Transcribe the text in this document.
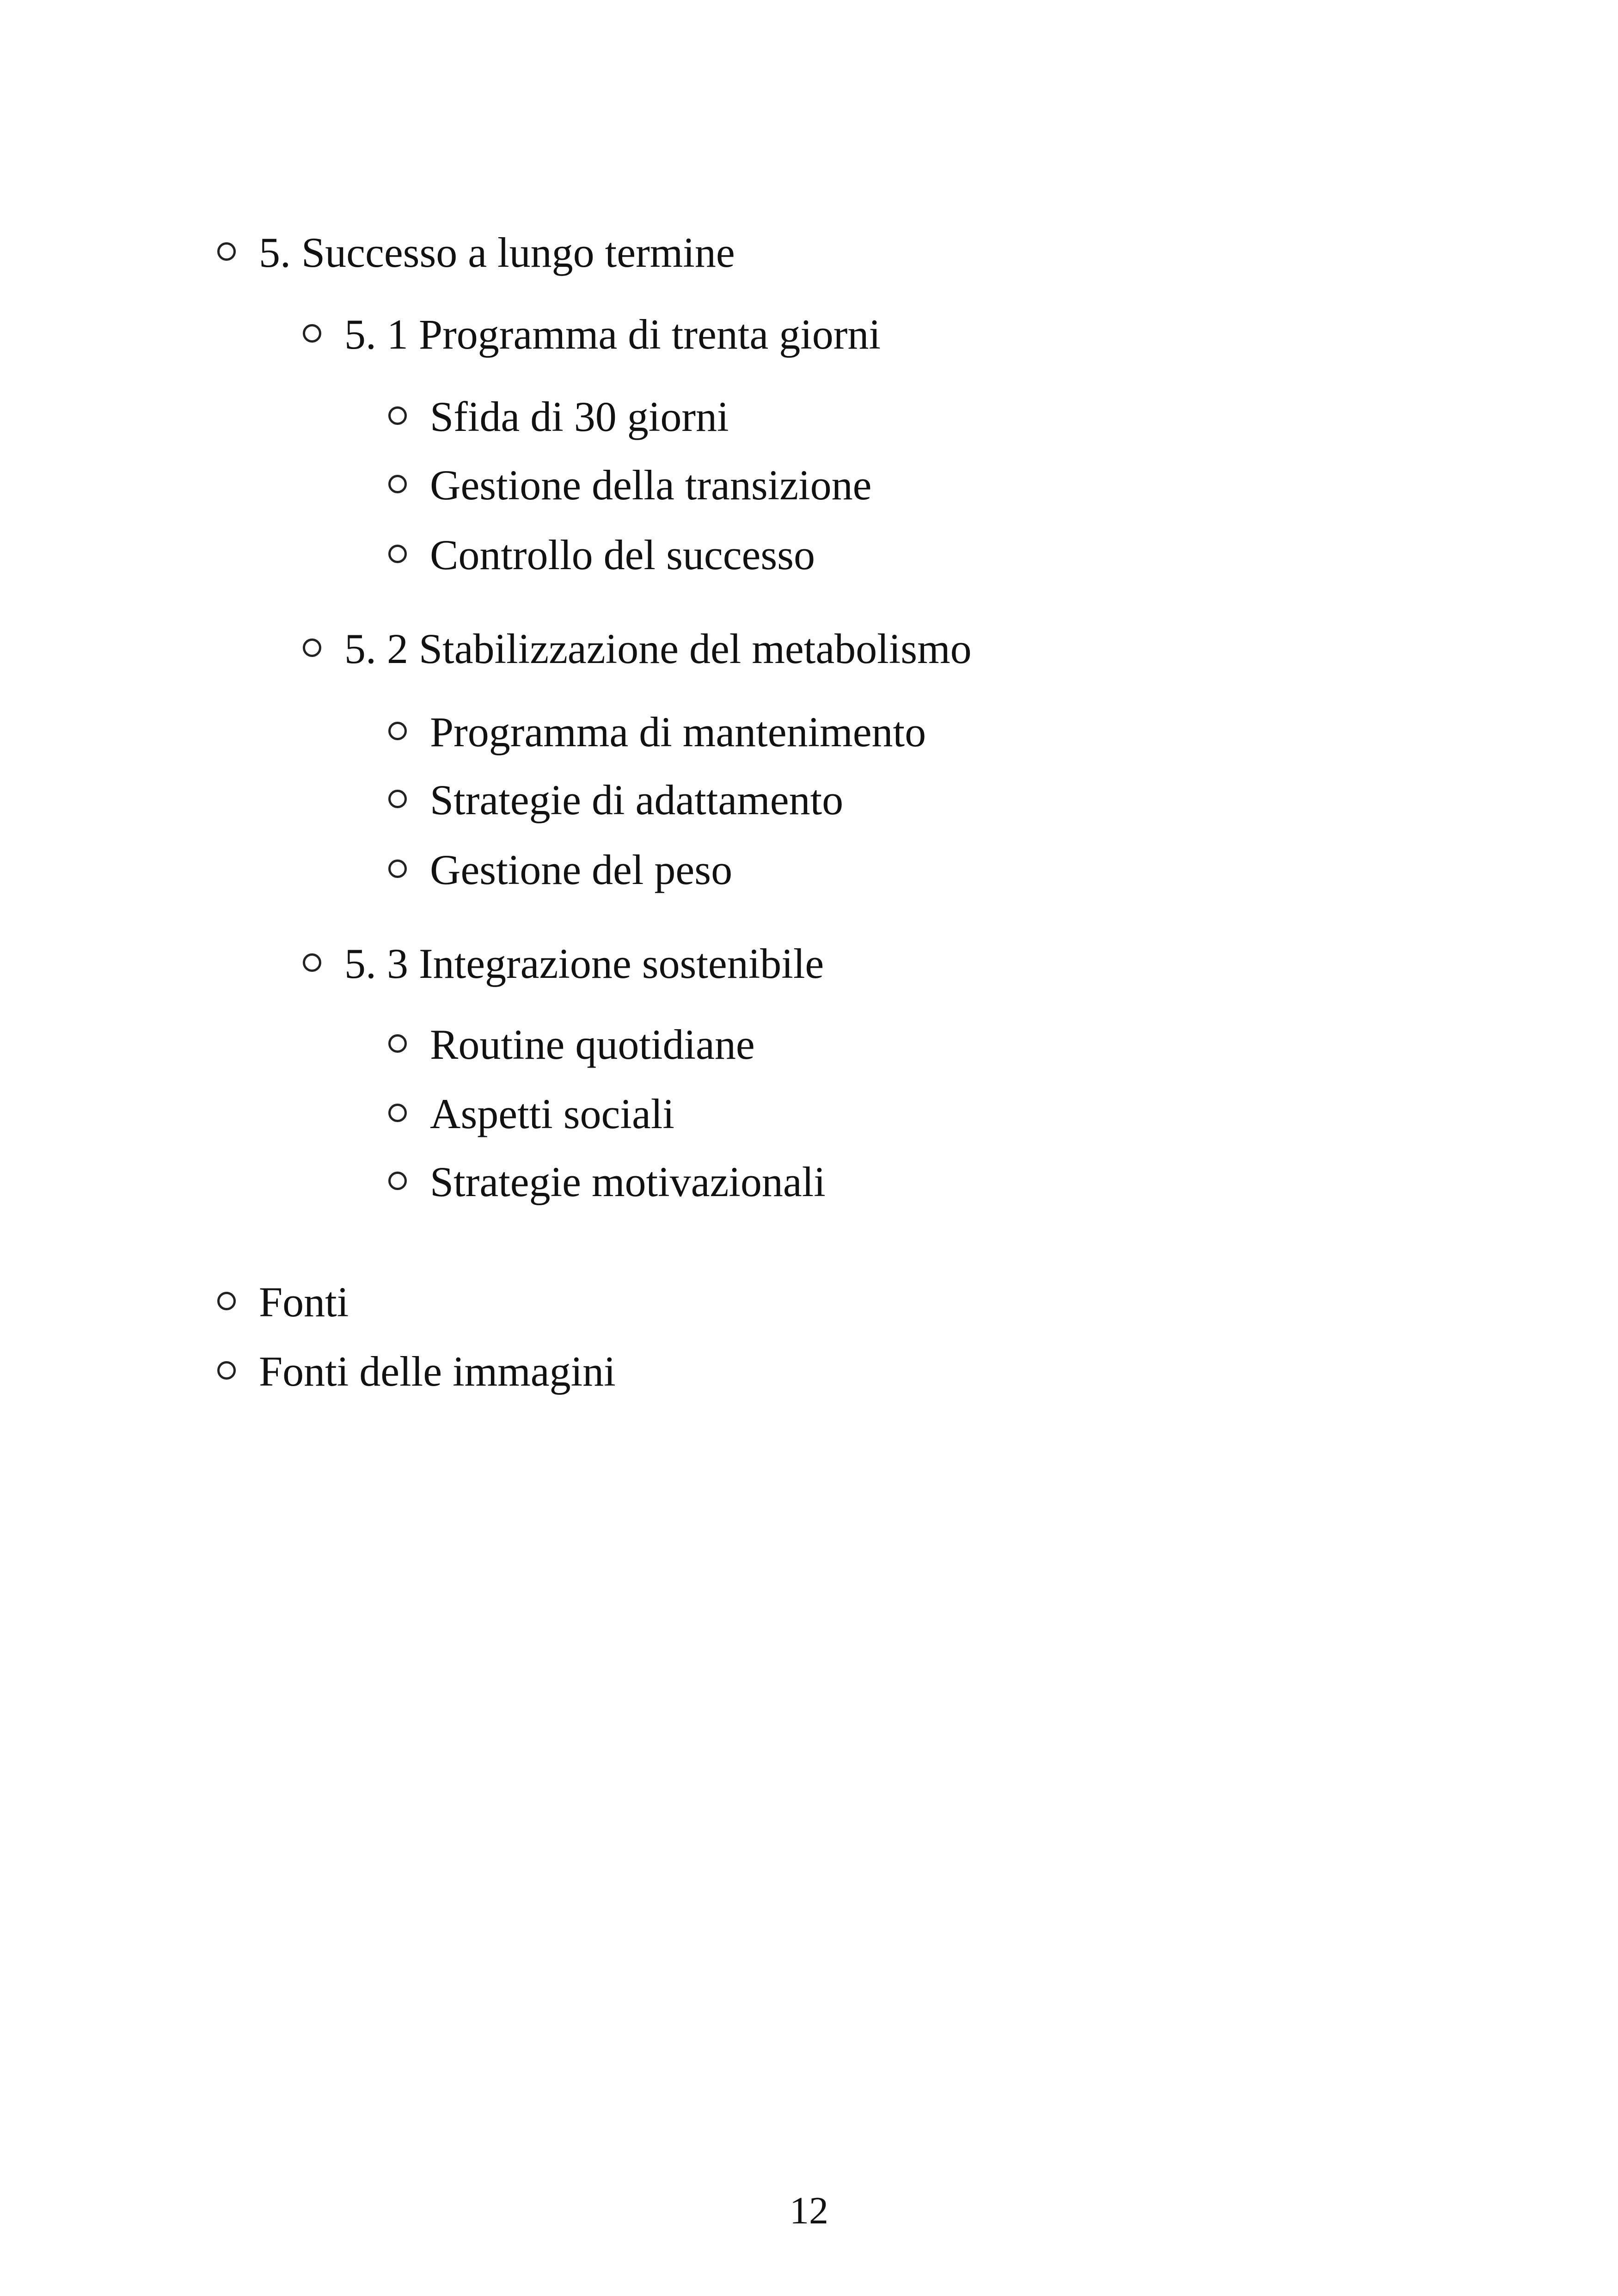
5. Successo a lungo termine
5. 1 Programma di trenta giorni
Sfida di 30 giorni
Gestione della transizione
Controllo del successo
5. 2 Stabilizzazione del metabolismo
Programma di mantenimento
Strategie di adattamento
Gestione del peso
5. 3 Integrazione sostenibile
Routine quotidiane
Aspetti sociali
Strategie motivazionali
Fonti
Fonti delle immagini
12
